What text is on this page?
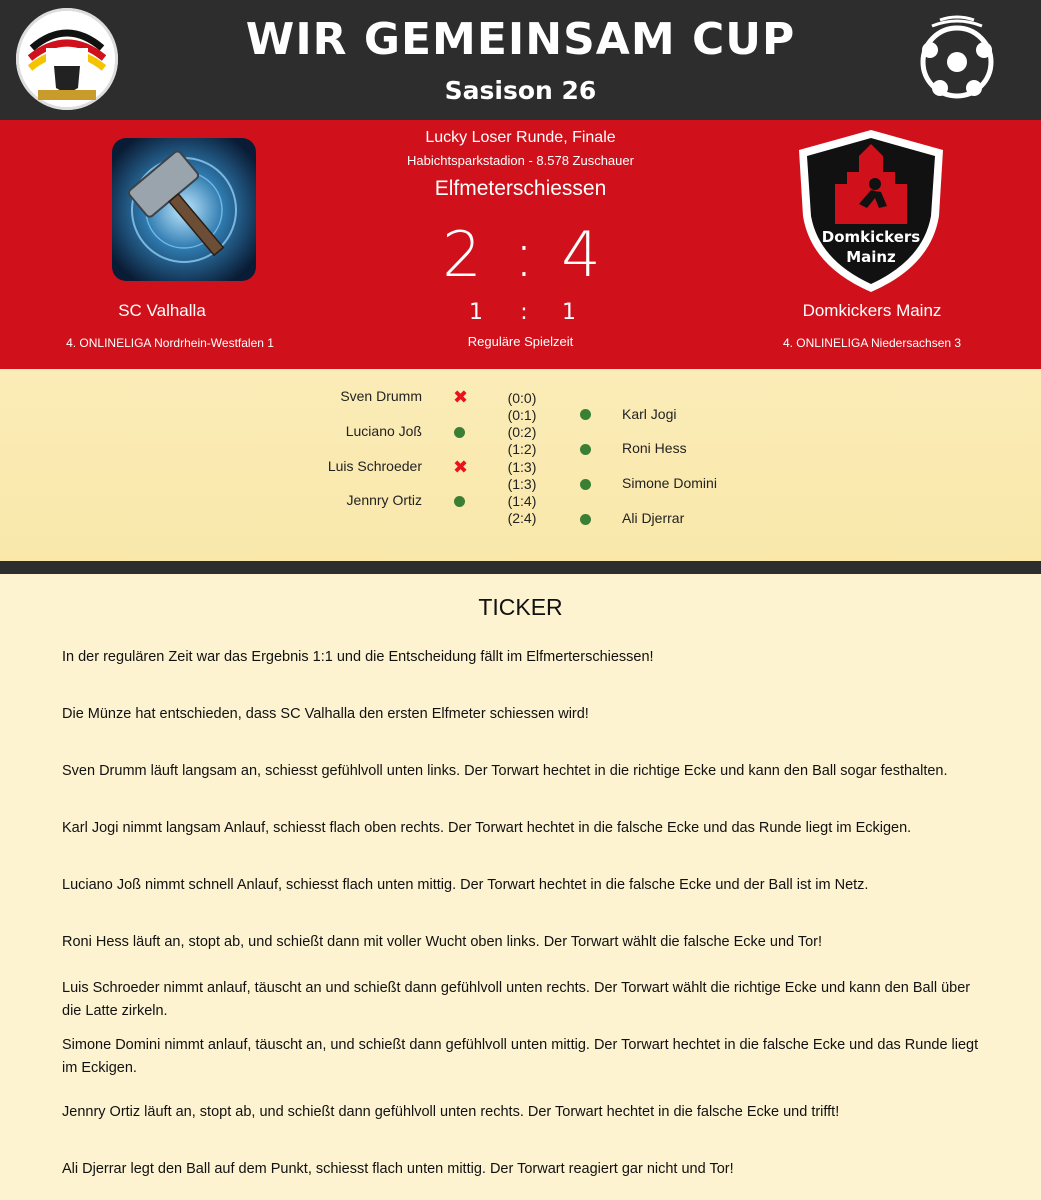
WIR GEMEINSAM CUP
Sasison 26
Domkickers
Mainz
SC Valhalla
4. ONLINELIGA Nordrhein-Westfalen 1
Domkickers Mainz
4. ONLINELIGA Niedersachsen 3
Lucky Loser Runde, Finale
Habichtsparkstadion - 8.578 Zuschauer
Elfmeterschiessen
2 : 4
1	:	1
Reguläre Spielzeit
Sven Drumm ✖
Luciano Joß
Luis Schroeder ✖
Jennry Ortiz
(0:0)
(0:1)
(0:2)
(1:2)
(1:3)
(1:3)
(1:4)
(2:4)
Karl Jogi
Roni Hess
Simone Domini
Ali Djerrar
TICKER
In der regulären Zeit war das Ergebnis 1:1 und die Entscheidung fällt im Elfmerterschiessen!
Die Münze hat entschieden, dass SC Valhalla den ersten Elfmeter schiessen wird!
Sven Drumm läuft langsam an, schiesst gefühlvoll unten links. Der Torwart hechtet in die richtige Ecke und kann den Ball sogar festhalten.
Karl Jogi nimmt langsam Anlauf, schiesst flach oben rechts. Der Torwart hechtet in die falsche Ecke und das Runde liegt im Eckigen.
Luciano Joß nimmt schnell Anlauf, schiesst flach unten mittig. Der Torwart hechtet in die falsche Ecke und der Ball ist im Netz.
Roni Hess läuft an, stopt ab, und schießt dann mit voller Wucht oben links. Der Torwart wählt die falsche Ecke und Tor!
Luis Schroeder nimmt anlauf, täuscht an und schießt dann gefühlvoll unten rechts. Der Torwart wählt die richtige Ecke und kann den Ball über die Latte zirkeln.
Simone Domini nimmt anlauf, täuscht an, und schießt dann gefühlvoll unten mittig. Der Torwart hechtet in die falsche Ecke und das Runde liegt im Eckigen.
Jennry Ortiz läuft an, stopt ab, und schießt dann gefühlvoll unten rechts. Der Torwart hechtet in die falsche Ecke und trifft!
Ali Djerrar legt den Ball auf dem Punkt, schiesst flach unten mittig. Der Torwart reagiert gar nicht und Tor!
